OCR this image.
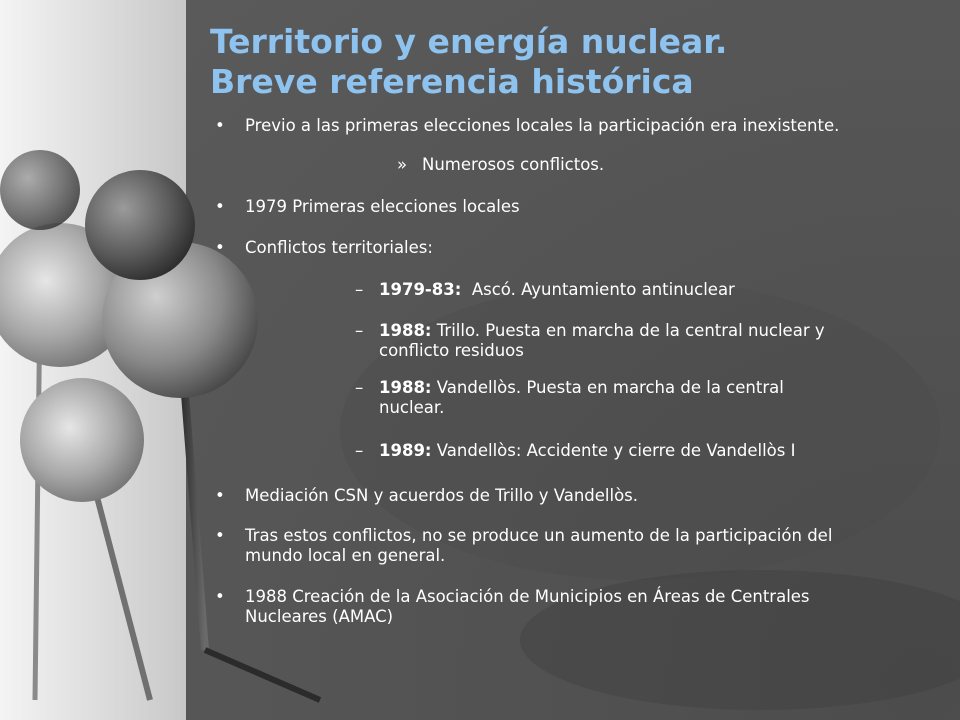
Territorio y energía nuclear.
Breve referencia histórica
•	Previo a las primeras elecciones locales la participación era inexistente.
» Numerosos conflictos.
•	1979 Primeras elecciones locales
•	Conflictos territoriales:
– 1979-83: Ascó. Ayuntamiento antinuclear
– 1988: Trillo. Puesta en marcha de la central nuclear y
conflicto residuos
– 1988: Vandellòs. Puesta en marcha de la central
nuclear.
– 1989: Vandellòs: Accidente y cierre de Vandellòs I
•	Mediación CSN y acuerdos de Trillo y Vandellòs.
•	Tras estos conflictos, no se produce un aumento de la participación del
mundo local en general.
•	1988 Creación de la Asociación de Municipios en Áreas de Centrales
Nucleares (AMAC)
